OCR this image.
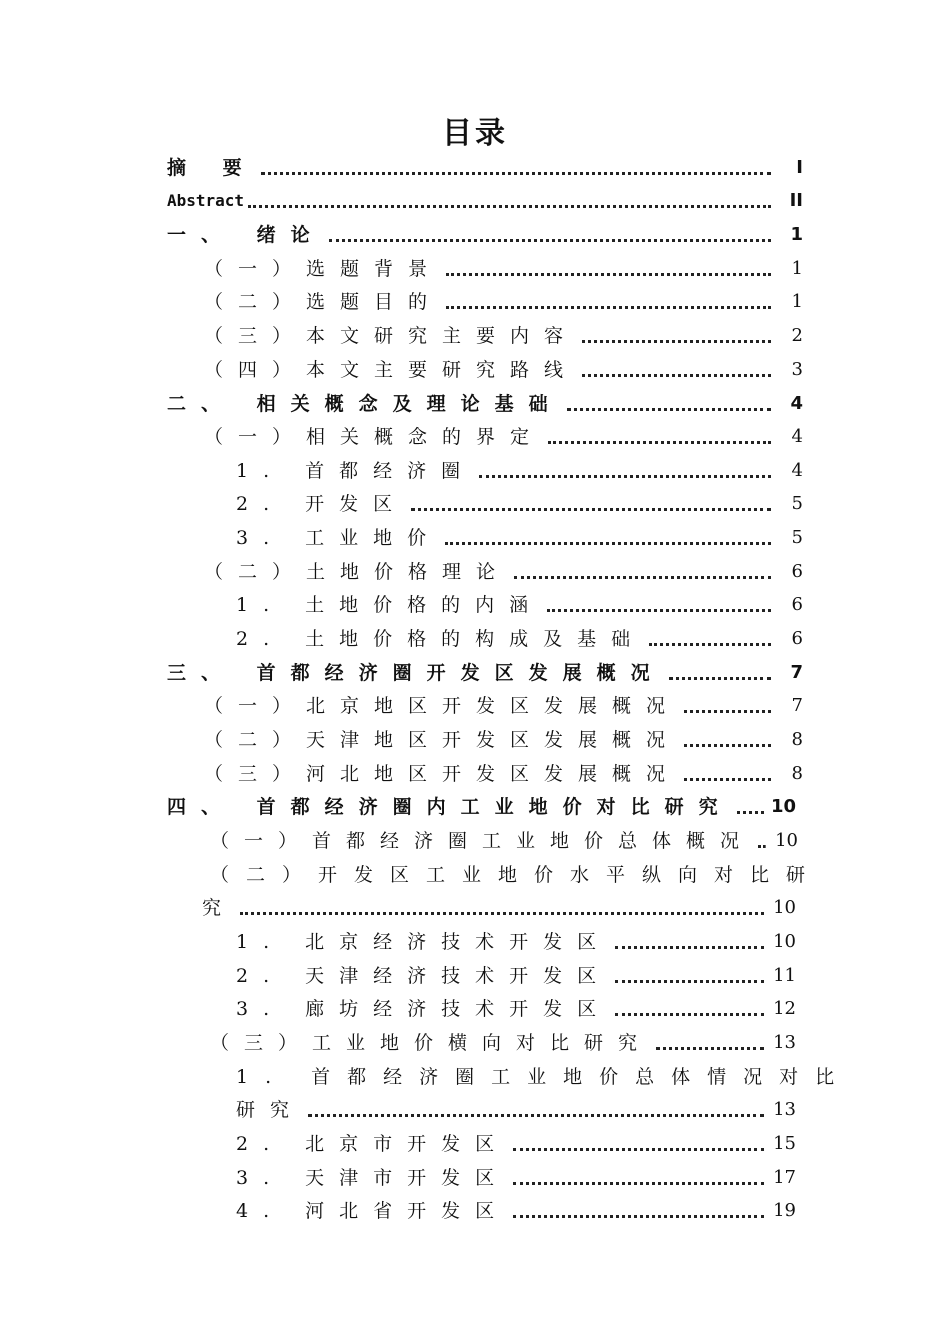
目录
摘 要	I
Abstract	II
一、 绪论	1
（一）选题背景	1
（二）选题目的	1
（三）本文研究主要内容	2
（四）本文主要研究路线	3
二、 相关概念及理论基础	4
（一）相关概念的界定	4
1. 首都经济圈	4
2. 开发区	5
3. 工业地价	5
（二）土地价格理论	6
1. 土地价格的内涵	6
2. 土地价格的构成及基础	6
三、 首都经济圈开发区发展概况	7
（一）北京地区开发区发展概况	7
（二）天津地区开发区发展概况	8
（三）河北地区开发区发展概况	8
四、 首都经济圈内工业地价对比研究 10
（一）首都经济圈工业地价总体概况 10
（二）开发区工业地价水平纵向对比研
究	10
1. 北京经济技术开发区	10
2. 天津经济技术开发区	11
3. 廊坊经济技术开发区	12
（三）工业地价横向对比研究	13
1. 首都经济圈工业地价总体情况对比
研究	13
2. 北京市开发区	15
3. 天津市开发区	17
4. 河北省开发区	19
